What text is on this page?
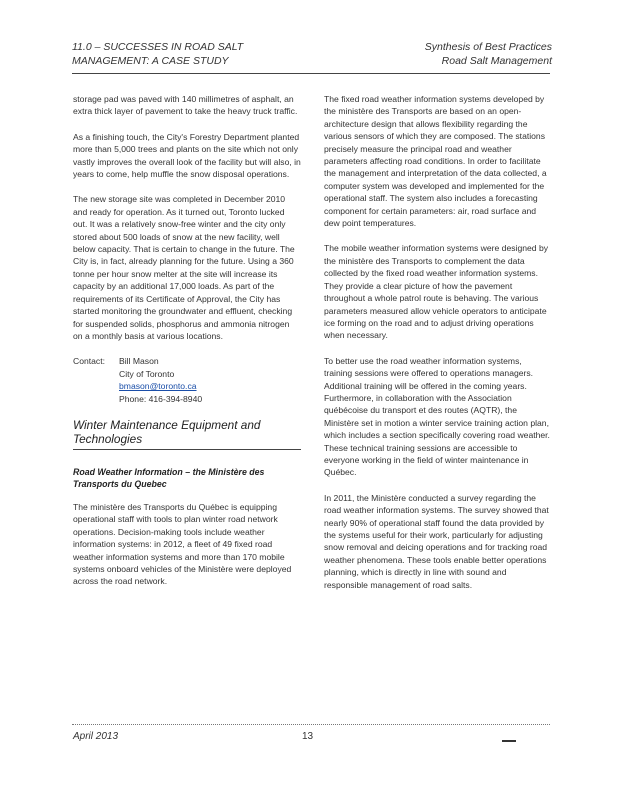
11.0 – SUCCESSES IN ROAD SALT
MANAGEMENT: A CASE STUDY
Synthesis of Best Practices
Road Salt Management

storage pad was paved with 140 millimetres of asphalt, an extra thick layer of pavement to take the heavy truck traffic.

As a finishing touch, the City's Forestry Department planted more than 5,000 trees and plants on the site which not only vastly improves the overall look of the facility but will also, in years to come, help muffle the snow disposal operations.

The new storage site was completed in December 2010 and ready for operation. As it turned out, Toronto lucked out. It was a relatively snow-free winter and the city only stored about 500 loads of snow at the new facility, well below capacity. That is certain to change in the future. The City is, in fact, already planning for the future. Using a 360 tonne per hour snow melter at the site will increase its capacity by an additional 17,000 loads. As part of the requirements of its Certificate of Approval, the City has started monitoring the groundwater and effluent, checking for suspended solids, phosphorus and ammonia nitrogen on a monthly basis at various locations.

Contact:	Bill Mason
City of Toronto
bmason@toronto.ca
Phone: 416-394-8940
Winter Maintenance Equipment and Technologies
Road Weather Information – the Ministère des Transports du Quebec

The ministère des Transports du Québec is equipping operational staff with tools to plan winter road network operations. Decision-making tools include weather information systems: in 2012, a fleet of 49 fixed road weather information systems and more than 170 mobile systems onboard vehicles of the Ministère were deployed across the road network.

The fixed road weather information systems developed by the ministère des Transports are based on an open-architecture design that allows flexibility regarding the various sensors of which they are composed. The stations precisely measure the principal road and weather parameters affecting road conditions. In order to facilitate the management and interpretation of the data collected, a computer system was developed and implemented for the operational staff. The system also includes a forecasting component for certain parameters: air, road surface and dew point temperatures.

The mobile weather information systems were designed by the ministère des Transports to complement the data collected by the fixed road weather information systems. They provide a clear picture of how the pavement throughout a whole patrol route is behaving. The various parameters measured allow vehicle operators to anticipate ice forming on the road and to adjust driving operations when necessary.

To better use the road weather information systems, training sessions were offered to operations managers. Additional training will be offered in the coming years. Furthermore, in collaboration with the Association québécoise du transport et des routes (AQTR), the Ministère set in motion a winter service training action plan, which includes a section specifically covering road weather. These technical training sessions are accessible to everyone working in the field of winter maintenance in Québec.

In 2011, the Ministère conducted a survey regarding the road weather information systems. The survey showed that nearly 90% of operational staff found the data provided by the systems useful for their work, particularly for adjusting snow removal and deicing operations and for tracking road weather phenomena. These tools enable better operations planning, which is directly in line with sound and responsible management of road salts.

April 2013	13
